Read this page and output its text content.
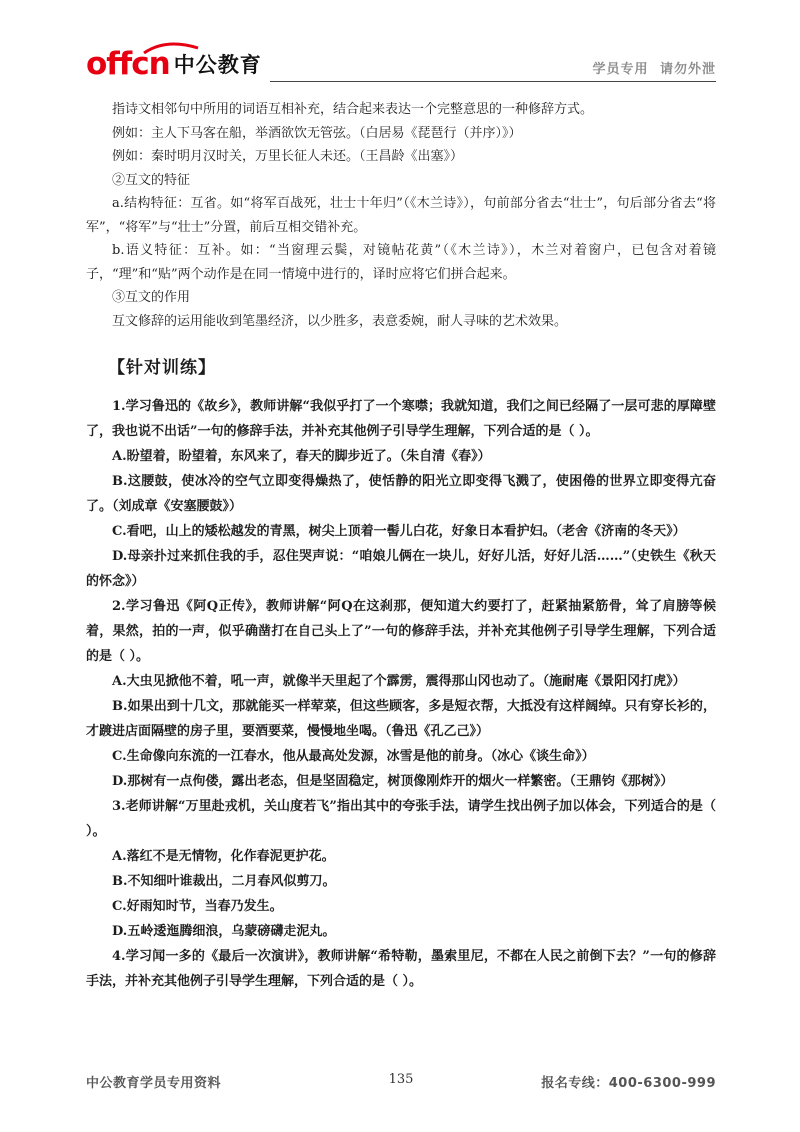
offcn 中公教育	学员专用 请勿外泄

指诗文相邻句中所用的词语互相补充，结合起来表达一个完整意思的一种修辞方式。

例如：主人下马客在船，举酒欲饮无管弦。（白居易《琵琶行（并序）》）

例如：秦时明月汉时关，万里长征人未还。（王昌龄《出塞》）

②互文的特征

a.结构特征：互省。如“将军百战死，壮士十年归”（《木兰诗》），句前部分省去“壮士”，句后部分省去“将军”，“将军”与“壮士”分置，前后互相交错补充。

b.语义特征：互补。如：“当窗理云鬓，对镜帖花黄”（《木兰诗》），木兰对着窗户，已包含对着镜子，“理”和“贴”两个动作是在同一情境中进行的，译时应将它们拼合起来。

③互文的作用

互文修辞的运用能收到笔墨经济，以少胜多，表意委婉，耐人寻味的艺术效果。

【针对训练】

1.学习鲁迅的《故乡》，教师讲解“我似乎打了一个寒噤；我就知道，我们之间已经隔了一层可悲的厚障壁了，我也说不出话”一句的修辞手法，并补充其他例子引导学生理解，下列合适的是（ ）。

A.盼望着，盼望着，东风来了，春天的脚步近了。（朱自清《春》）

B.这腰鼓，使冰冷的空气立即变得燥热了，使恬静的阳光立即变得飞溅了，使困倦的世界立即变得亢奋了。（刘成章《安塞腰鼓》）

C.看吧，山上的矮松越发的青黑，树尖上顶着一髻儿白花，好象日本看护妇。（老舍《济南的冬天》）

D.母亲扑过来抓住我的手，忍住哭声说：“咱娘儿俩在一块儿，好好儿活，好好儿活……”（史铁生《秋天的怀念》）

2.学习鲁迅《阿Q正传》，教师讲解“阿Q在这刹那，便知道大约要打了，赶紧抽紧筋骨，耸了肩膀等候着，果然，拍的一声，似乎确凿打在自己头上了”一句的修辞手法，并补充其他例子引导学生理解，下列合适的是（ ）。

A.大虫见掀他不着，吼一声，就像半天里起了个霹雳，震得那山冈也动了。（施耐庵《景阳冈打虎》）

B.如果出到十几文，那就能买一样荤菜，但这些顾客，多是短衣帮，大抵没有这样阔绰。只有穿长衫的，才踱进店面隔壁的房子里，要酒要菜，慢慢地坐喝。（鲁迅《孔乙己》）

C.生命像向东流的一江春水，他从最高处发源，冰雪是他的前身。（冰心《谈生命》）

D.那树有一点佝偻，露出老态，但是坚固稳定，树顶像刚炸开的烟火一样繁密。（王鼎钧《那树》）

3.老师讲解“万里赴戎机，关山度若飞”指出其中的夸张手法，请学生找出例子加以体会，下列适合的是（ ）。

A.落红不是无情物，化作春泥更护花。

B.不知细叶谁裁出，二月春风似剪刀。

C.好雨知时节，当春乃发生。

D.五岭逶迤腾细浪，乌蒙磅礴走泥丸。

4.学习闻一多的《最后一次演讲》，教师讲解“希特勒，墨索里尼，不都在人民之前倒下去？”一句的修辞手法，并补充其他例子引导学生理解，下列合适的是（ ）。

中公教育学员专用资料	135	报名专线：400-6300-999
